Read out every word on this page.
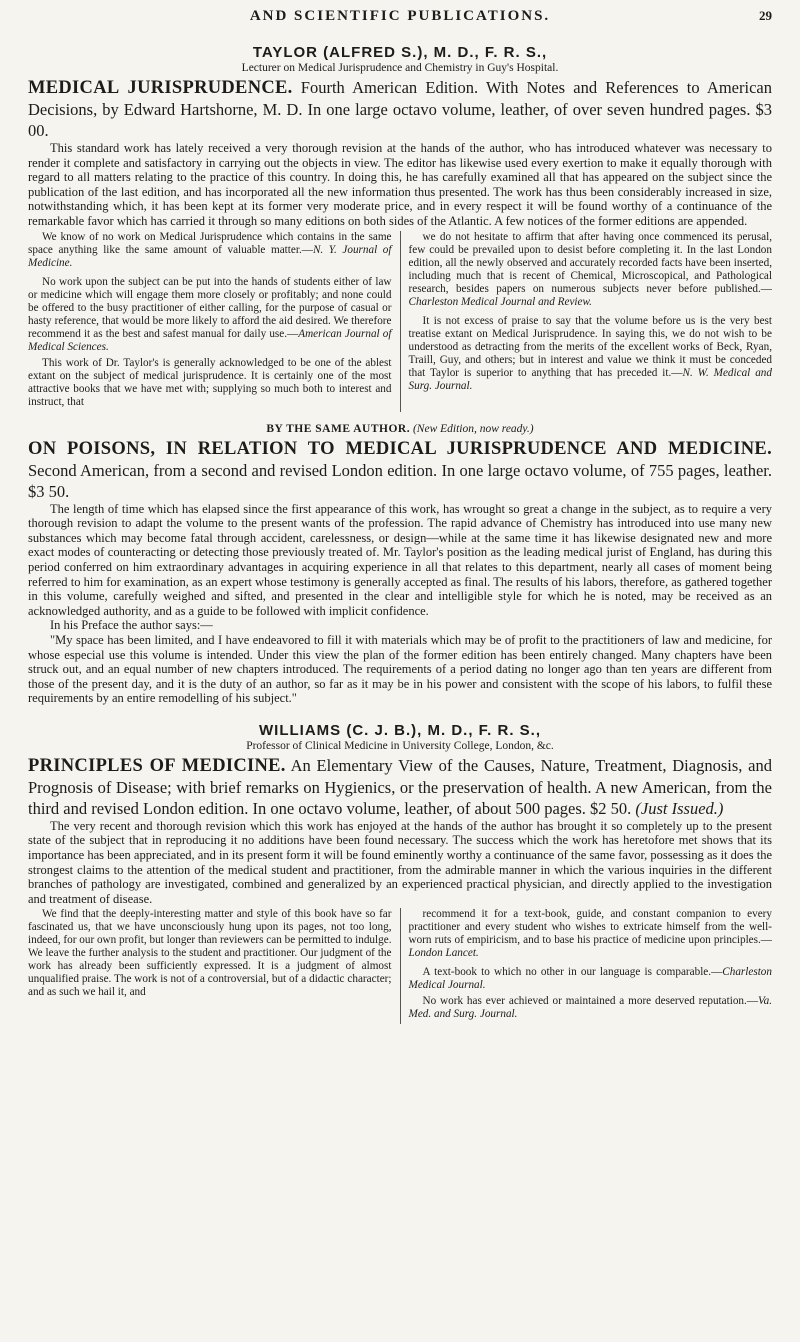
AND SCIENTIFIC PUBLICATIONS.	29
TAYLOR (ALFRED S.), M. D., F. R. S.,
Lecturer on Medical Jurisprudence and Chemistry in Guy's Hospital.

MEDICAL JURISPRUDENCE. Fourth American Edition. With Notes and References to American Decisions, by Edward Hartshorne, M. D. In one large octavo volume, leather, of over seven hundred pages. $3 00.

This standard work has lately received a very thorough revision at the hands of the author, who has introduced whatever was necessary to render it complete and satisfactory in carrying out the objects in view. The editor has likewise used every exertion to make it equally thorough with regard to all matters relating to the practice of this country. In doing this, he has carefully examined all that has appeared on the subject since the publication of the last edition, and has incorporated all the new information thus presented. The work has thus been considerably increased in size, notwithstanding which, it has been kept at its former very moderate price, and in every respect it will be found worthy of a continuance of the remarkable favor which has carried it through so many editions on both sides of the Atlantic. A few notices of the former editions are appended.

We know of no work on Medical Jurisprudence which contains in the same space anything like the same amount of valuable matter.—N. Y. Journal of Medicine.

No work upon the subject can be put into the hands of students either of law or medicine which will engage them more closely or profitably; and none could be offered to the busy practitioner of either calling, for the purpose of casual or hasty reference, that would be more likely to afford the aid desired. We therefore recommend it as the best and safest manual for daily use.—American Journal of Medical Sciences.

This work of Dr. Taylor's is generally acknowledged to be one of the ablest extant on the subject of medical jurisprudence. It is certainly one of the most attractive books that we have met with; supplying so much both to interest and instruct, that

we do not hesitate to affirm that after having once commenced its perusal, few could be prevailed upon to desist before completing it. In the last London edition, all the newly observed and accurately recorded facts have been inserted, including much that is recent of Chemical, Microscopical, and Pathological research, besides papers on numerous subjects never before published.—Charleston Medical Journal and Review.

It is not excess of praise to say that the volume before us is the very best treatise extant on Medical Jurisprudence. In saying this, we do not wish to be understood as detracting from the merits of the excellent works of Beck, Ryan, Traill, Guy, and others; but in interest and value we think it must be conceded that Taylor is superior to anything that has preceded it.—N. W. Medical and Surg. Journal.

BY THE SAME AUTHOR. (New Edition, now ready.)

ON POISONS, IN RELATION TO MEDICAL JURISPRUDENCE AND MEDICINE. Second American, from a second and revised London edition. In one large octavo volume, of 755 pages, leather. $3 50.

The length of time which has elapsed since the first appearance of this work, has wrought so great a change in the subject, as to require a very thorough revision to adapt the volume to the present wants of the profession. The rapid advance of Chemistry has introduced into use many new substances which may become fatal through accident, carelessness, or design—while at the same time it has likewise designated new and more exact modes of counteracting or detecting those previously treated of. Mr. Taylor's position as the leading medical jurist of England, has during this period conferred on him extraordinary advantages in acquiring experience in all that relates to this department, nearly all cases of moment being referred to him for examination, as an expert whose testimony is generally accepted as final. The results of his labors, therefore, as gathered together in this volume, carefully weighed and sifted, and presented in the clear and intelligible style for which he is noted, may be received as an acknowledged authority, and as a guide to be followed with implicit confidence.

In his Preface the author says:—

"My space has been limited, and I have endeavored to fill it with materials which may be of profit to the practitioners of law and medicine, for whose especial use this volume is intended. Under this view the plan of the former edition has been entirely changed. Many chapters have been struck out, and an equal number of new chapters introduced. The requirements of a period dating no longer ago than ten years are different from those of the present day, and it is the duty of an author, so far as it may be in his power and consistent with the scope of his labors, to fulfil these requirements by an entire remodelling of his subject."

WILLIAMS (C. J. B.), M. D., F. R. S.,
Professor of Clinical Medicine in University College, London, &c.

PRINCIPLES OF MEDICINE. An Elementary View of the Causes, Nature, Treatment, Diagnosis, and Prognosis of Disease; with brief remarks on Hygienics, or the preservation of health. A new American, from the third and revised London edition. In one octavo volume, leather, of about 500 pages. $2 50. (Just Issued.)

The very recent and thorough revision which this work has enjoyed at the hands of the author has brought it so completely up to the present state of the subject that in reproducing it no additions have been found necessary. The success which the work has heretofore met shows that its importance has been appreciated, and in its present form it will be found eminently worthy a continuance of the same favor, possessing as it does the strongest claims to the attention of the medical student and practitioner, from the admirable manner in which the various inquiries in the different branches of pathology are investigated, combined and generalized by an experienced practical physician, and directly applied to the investigation and treatment of disease.

We find that the deeply-interesting matter and style of this book have so far fascinated us, that we have unconsciously hung upon its pages, not too long, indeed, for our own profit, but longer than reviewers can be permitted to indulge. We leave the further analysis to the student and practitioner. Our judgment of the work has already been sufficiently expressed. It is a judgment of almost unqualified praise. The work is not of a controversial, but of a didactic character; and as such we hail it, and

recommend it for a text-book, guide, and constant companion to every practitioner and every student who wishes to extricate himself from the well-worn ruts of empiricism, and to base his practice of medicine upon principles.—London Lancet.

A text-book to which no other in our language is comparable.—Charleston Medical Journal.

No work has ever achieved or maintained a more deserved reputation.—Va. Med. and Surg. Journal.
